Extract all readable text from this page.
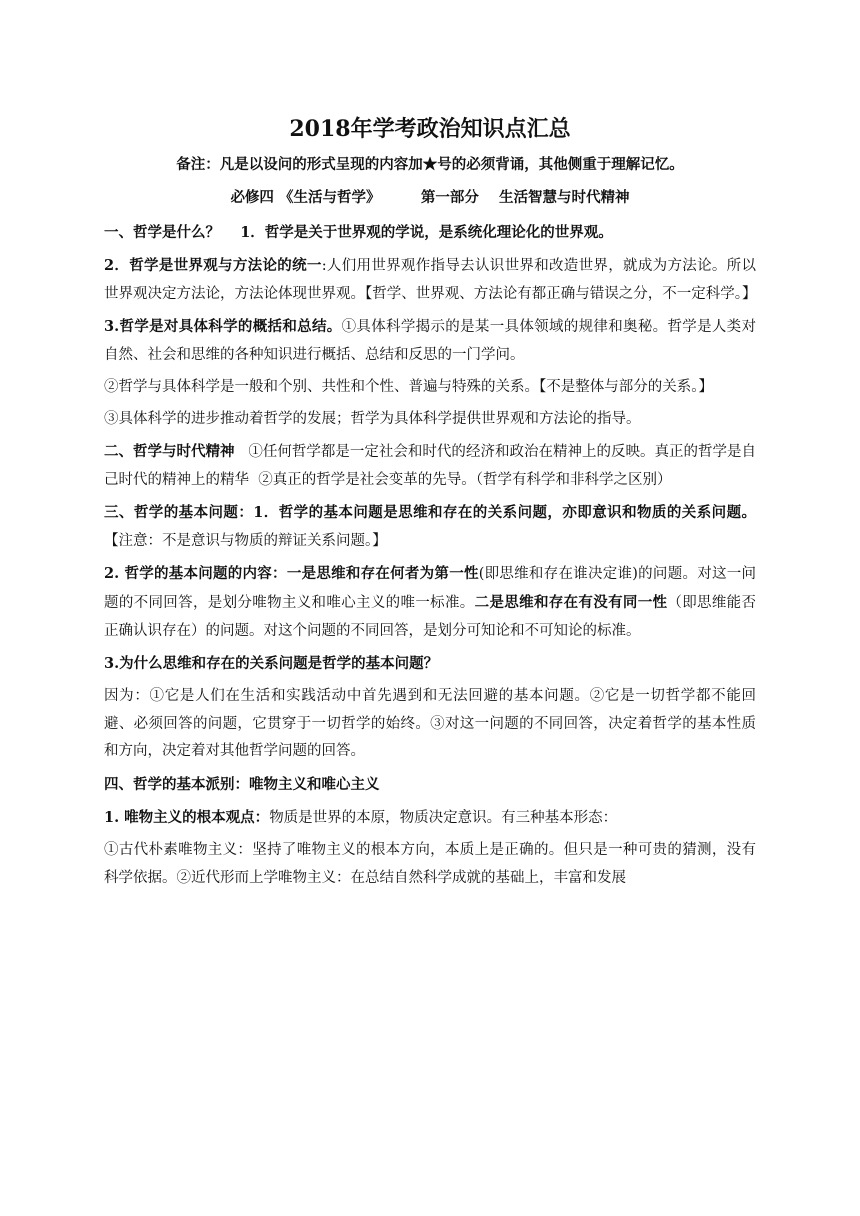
2018年学考政治知识点汇总
备注：凡是以设问的形式呈现的内容加★号的必须背诵，其他侧重于理解记忆。
必修四 《生活与哲学》        第一部分    生活智慧与时代精神

一、哲学是什么？    1．哲学是关于世界观的学说，是系统化理论化的世界观。

2．哲学是世界观与方法论的统一:人们用世界观作指导去认识世界和改造世界，就成为方法论。所以世界观决定方法论，方法论体现世界观。【哲学、世界观、方法论有都正确与错误之分，不一定科学。】

3.哲学是对具体科学的概括和总结。①具体科学揭示的是某一具体领域的规律和奥秘。哲学是人类对自然、社会和思维的各种知识进行概括、总结和反思的一门学问。

②哲学与具体科学是一般和个别、共性和个性、普遍与特殊的关系。【不是整体与部分的关系。】

③具体科学的进步推动着哲学的发展；哲学为具体科学提供世界观和方法论的指导。

二、哲学与时代精神   ①任何哲学都是一定社会和时代的经济和政治在精神上的反映。真正的哲学是自己时代的精神上的精华  ②真正的哲学是社会变革的先导。（哲学有科学和非科学之区别）

三、哲学的基本问题：1．哲学的基本问题是思维和存在的关系问题，亦即意识和物质的关系问题。【注意：不是意识与物质的辩证关系问题。】

2. 哲学的基本问题的内容：一是思维和存在何者为第一性(即思维和存在谁决定谁)的问题。对这一问题的不同回答，是划分唯物主义和唯心主义的唯一标准。二是思维和存在有没有同一性（即思维能否正确认识存在）的问题。对这个问题的不同回答，是划分可知论和不可知论的标准。

3.为什么思维和存在的关系问题是哲学的基本问题？

因为：①它是人们在生活和实践活动中首先遇到和无法回避的基本问题。②它是一切哲学都不能回避、必须回答的问题，它贯穿于一切哲学的始终。③对这一问题的不同回答，决定着哲学的基本性质和方向，决定着对其他哲学问题的回答。

四、哲学的基本派别：唯物主义和唯心主义

1. 唯物主义的根本观点：物质是世界的本原，物质决定意识。有三种基本形态：

①古代朴素唯物主义：坚持了唯物主义的根本方向，本质上是正确的。但只是一种可贵的猜测，没有科学依据。②近代形而上学唯物主义：在总结自然科学成就的基础上，丰富和发展
